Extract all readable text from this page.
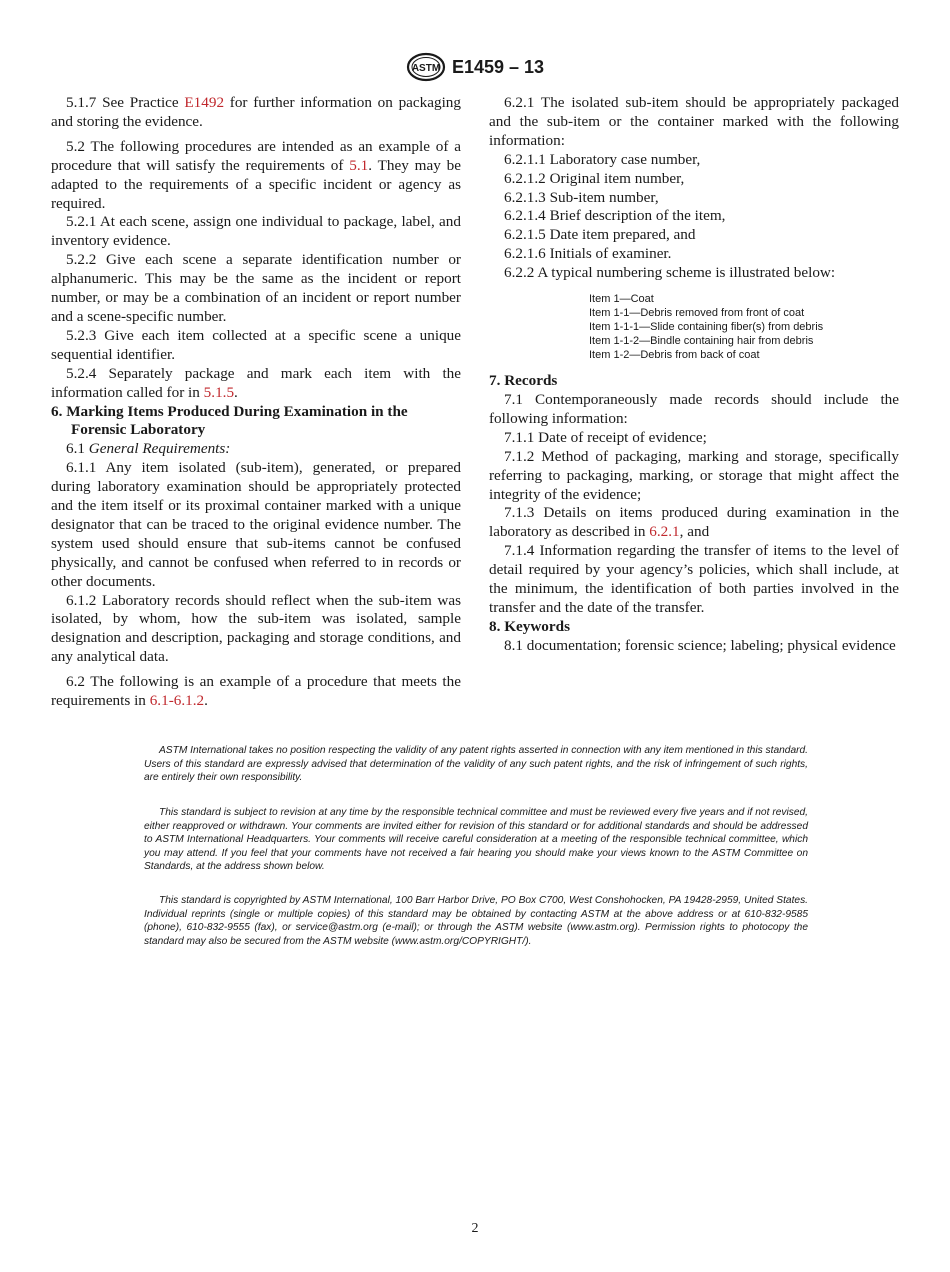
ASTM E1459 – 13

5.1.7 See Practice E1492 for further information on packaging and storing the evidence.

5.2 The following procedures are intended as an example of a procedure that will satisfy the requirements of 5.1. They may be adapted to the requirements of a specific incident or agency as required.

5.2.1 At each scene, assign one individual to package, label, and inventory evidence.

5.2.2 Give each scene a separate identification number or alphanumeric. This may be the same as the incident or report number, or may be a combination of an incident or report number and a scene-specific number.

5.2.3 Give each item collected at a specific scene a unique sequential identifier.

5.2.4 Separately package and mark each item with the information called for in 5.1.5.

6. Marking Items Produced During Examination in the Forensic Laboratory

6.1 General Requirements:

6.1.1 Any item isolated (sub-item), generated, or prepared during laboratory examination should be appropriately protected and the item itself or its proximal container marked with a unique designator that can be traced to the original evidence number. The system used should ensure that sub-items cannot be confused physically, and cannot be confused when referred to in records or other documents.

6.1.2 Laboratory records should reflect when the sub-item was isolated, by whom, how the sub-item was isolated, sample designation and description, packaging and storage conditions, and any analytical data.

6.2 The following is an example of a procedure that meets the requirements in 6.1-6.1.2.

6.2.1 The isolated sub-item should be appropriately packaged and the sub-item or the container marked with the following information:

6.2.1.1 Laboratory case number,

6.2.1.2 Original item number,

6.2.1.3 Sub-item number,

6.2.1.4 Brief description of the item,

6.2.1.5 Date item prepared, and

6.2.1.6 Initials of examiner.

6.2.2 A typical numbering scheme is illustrated below:

Item 1—Coat
Item 1-1—Debris removed from front of coat
Item 1-1-1—Slide containing fiber(s) from debris
Item 1-1-2—Bindle containing hair from debris
Item 1-2—Debris from back of coat

7. Records

7.1 Contemporaneously made records should include the following information:

7.1.1 Date of receipt of evidence;

7.1.2 Method of packaging, marking and storage, specifically referring to packaging, marking, or storage that might affect the integrity of the evidence;

7.1.3 Details on items produced during examination in the laboratory as described in 6.2.1, and

7.1.4 Information regarding the transfer of items to the level of detail required by your agency’s policies, which shall include, at the minimum, the identification of both parties involved in the transfer and the date of the transfer.

8. Keywords

8.1 documentation; forensic science; labeling; physical evidence

ASTM International takes no position respecting the validity of any patent rights asserted in connection with any item mentioned in this standard. Users of this standard are expressly advised that determination of the validity of any such patent rights, and the risk of infringement of such rights, are entirely their own responsibility.

This standard is subject to revision at any time by the responsible technical committee and must be reviewed every five years and if not revised, either reapproved or withdrawn. Your comments are invited either for revision of this standard or for additional standards and should be addressed to ASTM International Headquarters. Your comments will receive careful consideration at a meeting of the responsible technical committee, which you may attend. If you feel that your comments have not received a fair hearing you should make your views known to the ASTM Committee on Standards, at the address shown below.

This standard is copyrighted by ASTM International, 100 Barr Harbor Drive, PO Box C700, West Conshohocken, PA 19428-2959, United States. Individual reprints (single or multiple copies) of this standard may be obtained by contacting ASTM at the above address or at 610-832-9585 (phone), 610-832-9555 (fax), or service@astm.org (e-mail); or through the ASTM website (www.astm.org). Permission rights to photocopy the standard may also be secured from the ASTM website (www.astm.org/COPYRIGHT/).

2
